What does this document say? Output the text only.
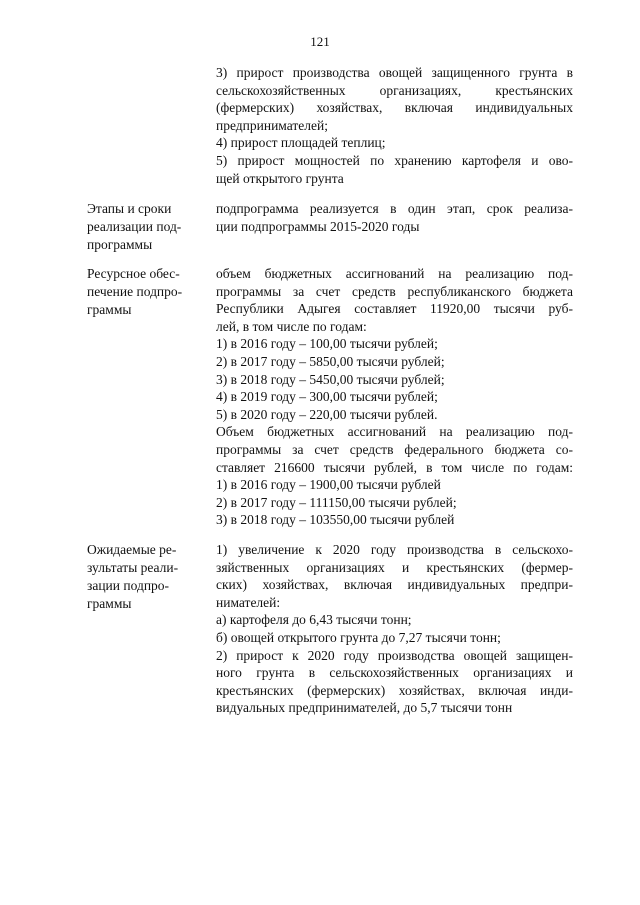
121
3) прирост производства овощей защищенного грунта в
сельскохозяйственных организациях, крестьянских
(фермерских) хозяйствах, включая индивидуальных
предпринимателей;
4) прирост площадей теплиц;
5) прирост мощностей по хранению картофеля и ово-
щей открытого грунта
Этапы и сроки
реализации под-
программы
подпрограмма реализуется в один этап, срок реализа-
ции подпрограммы 2015-2020 годы
Ресурсное обес-
печение подпро-
граммы
объем бюджетных ассигнований на реализацию под-
программы за счет средств республиканского бюджета
Республики Адыгея составляет 11920,00 тысячи руб-
лей, в том числе по годам:
1) в 2016 году – 100,00 тысячи рублей;
2) в 2017 году – 5850,00 тысячи рублей;
3) в 2018 году – 5450,00 тысячи рублей;
4) в 2019 году – 300,00 тысячи рублей;
5) в 2020 году – 220,00 тысячи рублей.
Объем бюджетных ассигнований на реализацию под-
программы за счет средств федерального бюджета со-
ставляет 216600 тысячи рублей, в том числе по годам:
1) в 2016 году – 1900,00 тысячи рублей
2) в 2017 году – 111150,00 тысячи рублей;
3) в 2018 году – 103550,00 тысячи рублей
Ожидаемые ре-
зультаты реали-
зации подпро-
граммы
1) увеличение к 2020 году производства в сельскохо-
зяйственных организациях и крестьянских (фермер-
ских) хозяйствах, включая индивидуальных предпри-
нимателей:
а) картофеля до 6,43 тысячи тонн;
б) овощей открытого грунта до 7,27 тысячи тонн;
2) прирост к 2020 году производства овощей защищен-
ного грунта в сельскохозяйственных организациях и
крестьянских (фермерских) хозяйствах, включая инди-
видуальных предпринимателей, до 5,7 тысячи тонн
